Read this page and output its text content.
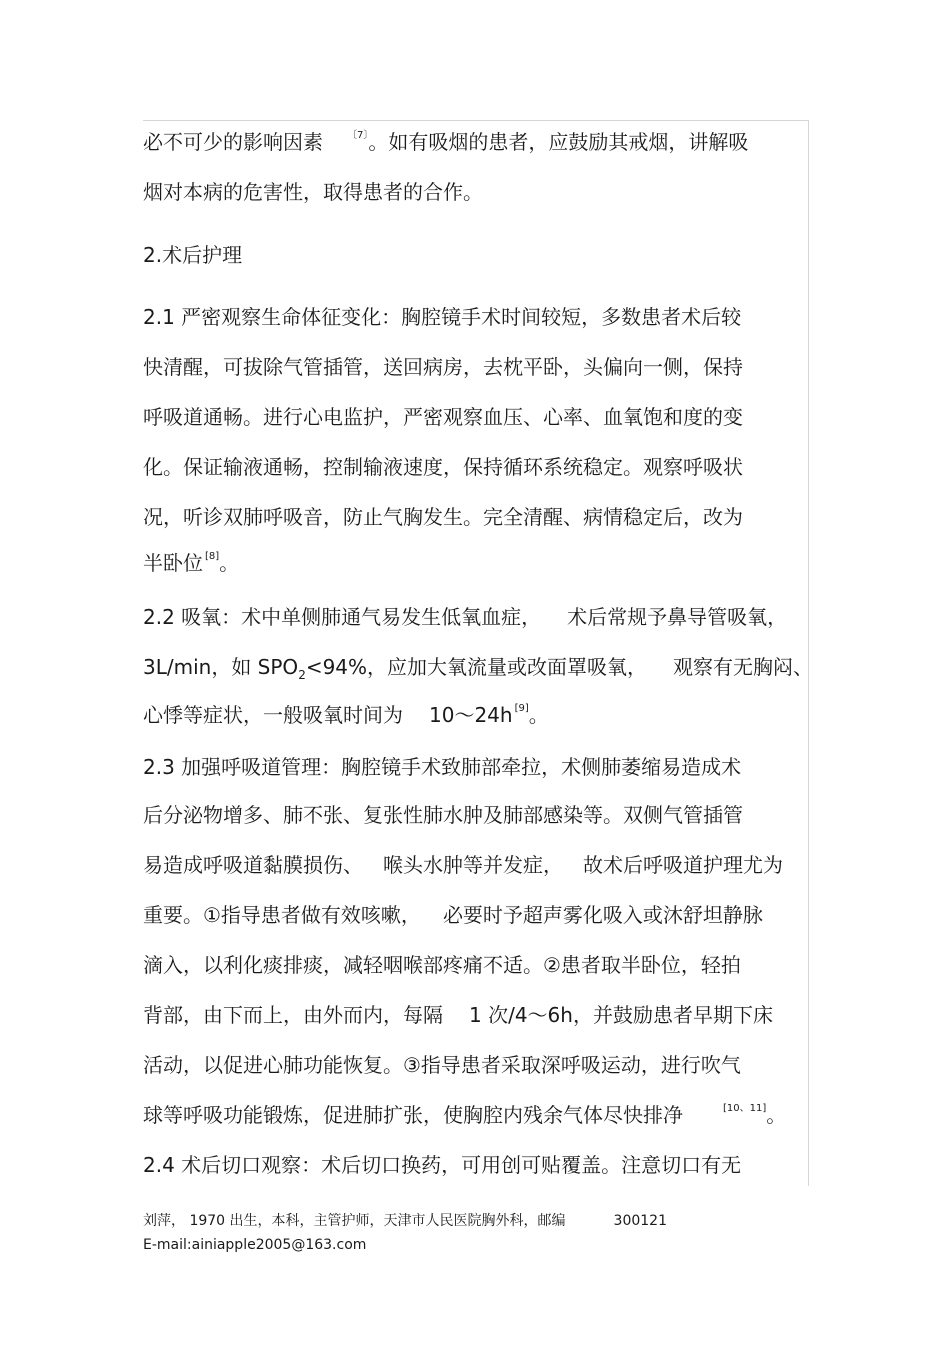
必不可少的影响因素 $^{〔7〕}$。如有吸烟的患者，应鼓励其戒烟，讲解吸
烟对本病的危害性，取得患者的合作。
2.术后护理
2.1 严密观察生命体征变化：胸腔镜手术时间较短，多数患者术后较
快清醒，可拔除气管插管，送回病房，去枕平卧，头偏向一侧，保持
呼吸道通畅。进行心电监护，严密观察血压、心率、血氧饱和度的变
化。保证输液通畅，控制输液速度，保持循环系统稳定。观察呼吸状
况，听诊双肺呼吸音，防止气胸发生。完全清醒、病情稳定后，改为
半卧位 [8]。
2.2 吸氧：术中单侧肺通气易发生低氧血症， 术后常规予鼻导管吸氧，
3L/min，如 $SPO_2<94\%$，应加大氧流量或改面罩吸氧， 观察有无胸闷、
心悸等症状，一般吸氧时间为 10～24h [9]。
2.3 加强呼吸道管理：胸腔镜手术致肺部牵拉，术侧肺萎缩易造成术
后分泌物增多、肺不张、复张性肺水肿及肺部感染等。双侧气管插管
易造成呼吸道黏膜损伤、 喉头水肿等并发症， 故术后呼吸道护理尤为
重要。①指导患者做有效咳嗽， 必要时予超声雾化吸入或沐舒坦静脉
滴入，以利化痰排痰，减轻咽喉部疼痛不适。②患者取半卧位，轻拍
背部，由下而上，由外而内，每隔 1 次/4～6h，并鼓励患者早期下床
活动，以促进心肺功能恢复。③指导患者采取深呼吸运动，进行吹气
球等呼吸功能锻炼，促进肺扩张，使胸腔内残余气体尽快排净	[10、11]。
2.4 术后切口观察：术后切口换药，可用创可贴覆盖。注意切口有无
刘萍， 1970 出生，本科，主管护师，天津市人民医院胸外科，邮编	300121
E-mail:ainiapple2005@163.com
